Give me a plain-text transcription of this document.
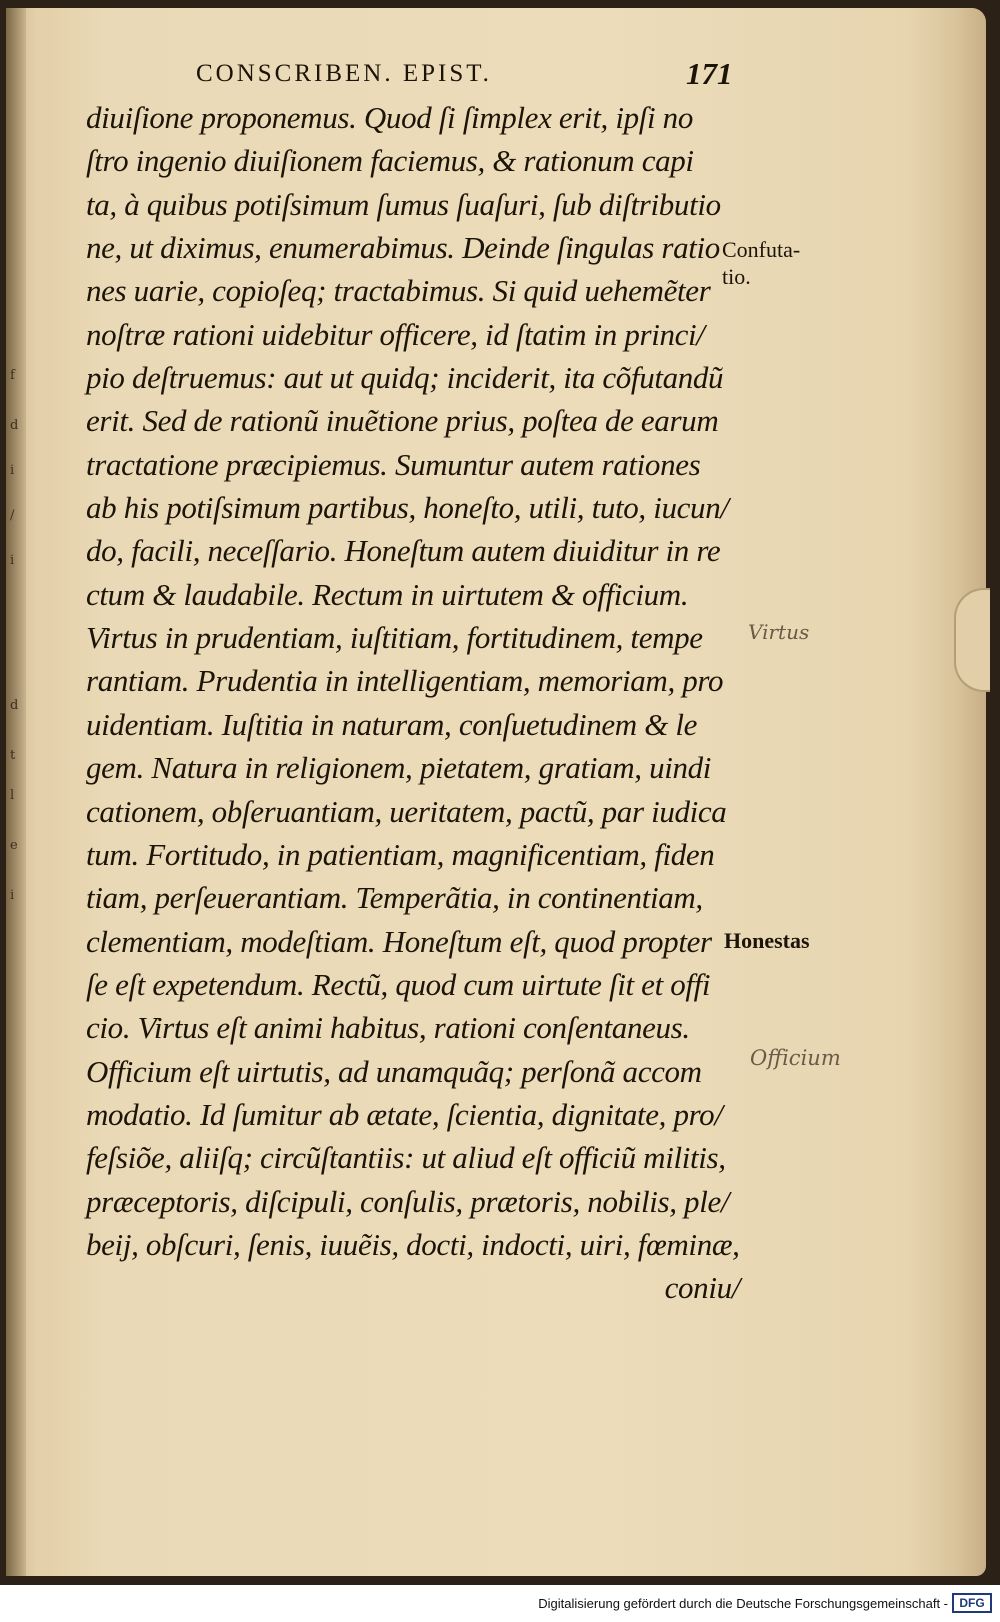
f
d
i
/
i
d
t
l
e
i
CONSCRIBEN. EPIST.	171
diuiſione proponemus. Quod ſi ſimplex erit, ipſi no
ſtro ingenio diuiſionem faciemus, & rationum capi
ta, à quibus potiſsimum ſumus ſuaſuri, ſub diſtributio
ne, ut diximus, enumerabimus. Deinde ſingulas ratio
nes uarie, copioſeq; tractabimus. Si quid uehemẽter
noſtræ rationi uidebitur officere, id ſtatim in princi/
pio deſtruemus: aut ut quidq; inciderit, ita cõfutandũ
erit. Sed de rationũ inuẽtione prius, poſtea de earum
tractatione præcipiemus. Sumuntur autem rationes
ab his potiſsimum partibus, honeſto, utili, tuto, iucun/
do, facili, neceſſario. Honeſtum autem diuiditur in re
ctum & laudabile. Rectum in uirtutem & officium.
Virtus in prudentiam, iuſtitiam, fortitudinem, tempe
rantiam. Prudentia in intelligentiam, memoriam, pro
uidentiam. Iuſtitia in naturam, conſuetudinem & le
gem. Natura in religionem, pietatem, gratiam, uindi
cationem, obſeruantiam, ueritatem, pactũ, par iudica
tum. Fortitudo, in patientiam, magnificentiam, fiden
tiam, perſeuerantiam. Temperãtia, in continentiam,
clementiam, modeſtiam. Honeſtum eſt, quod propter
ſe eſt expetendum. Rectũ, quod cum uirtute ſit et offi
cio. Virtus eſt animi habitus, rationi conſentaneus.
Officium eſt uirtutis, ad unamquãq; perſonã accom
modatio. Id ſumitur ab ætate, ſcientia, dignitate, pro/
feſsiõe, aliiſq; circũſtantiis: ut aliud eſt officiũ militis,
præceptoris, diſcipuli, conſulis, prætoris, nobilis, ple/
beij, obſcuri, ſenis, iuuẽis, docti, indocti, uiri, fœminæ,
coniu/
Confuta-
tio.
Virtus
Honestas
Officium
Digitalisierung gefördert durch die Deutsche Forschungsgemeinschaft - DFG
